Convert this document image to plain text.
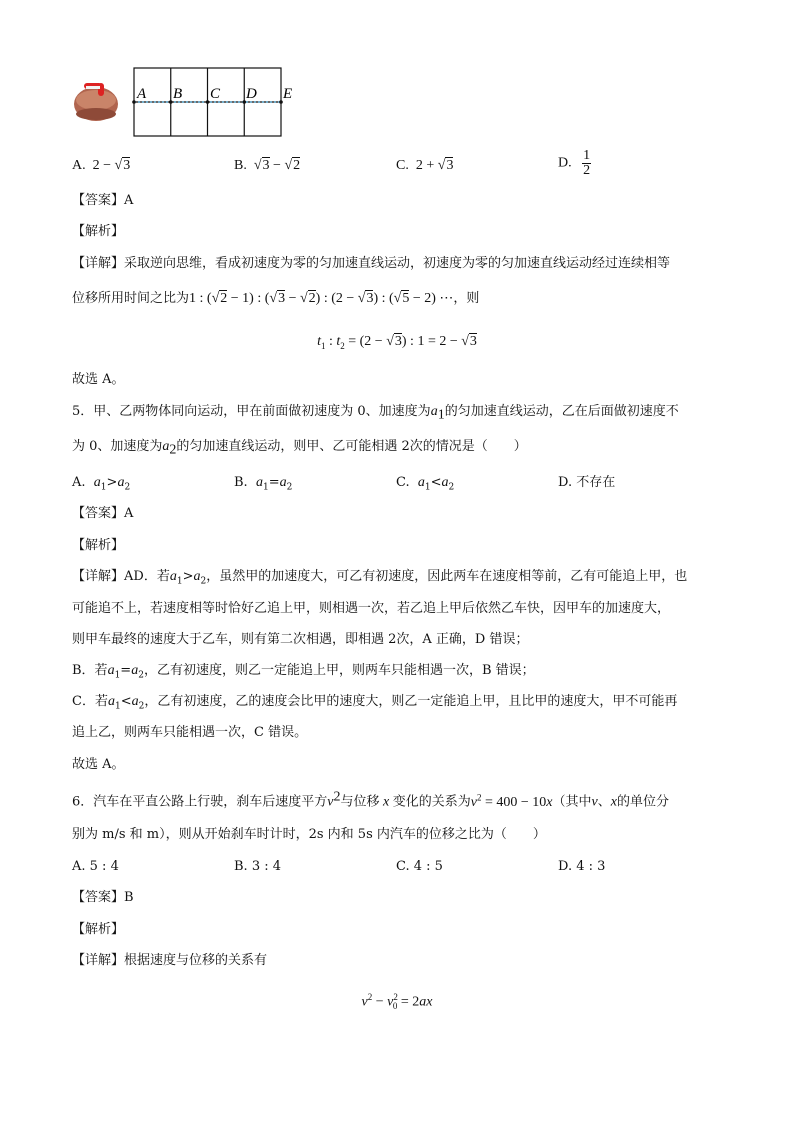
A B C D E
A. 2 − √3	B. √3 − √2	C. 2 + √3	D. $\frac{1}{2}$
【答案】A
【解析】
【详解】采取逆向思维，看成初速度为零的匀加速直线运动，初速度为零的匀加速直线运动经过连续相等
位移所用时间之比为1 : (√2 − 1) : (√3 − √2) : (2 − √3) : (√5 − 2) ⋯，则
$t_1$ : $t_2 = (2 - √3)$ : 1 = 2 − √3
故选 A。
5．甲、乙两物体同向运动，甲在前面做初速度为 0、加速度为$a_1$的匀加速直线运动，乙在后面做初速度不
为 0、加速度为$a_2$的匀加速直线运动，则甲、乙可能相遇 2次的情况是（　　）
A. $a_1>a_2$	B. $a_1=a_2$	C. $a_1<a_2$	D. 不存在
【答案】A
【解析】
【详解】AD．若$a_1>a_2$，虽然甲的加速度大，可乙有初速度，因此两车在速度相等前，乙有可能追上甲，也
可能追不上，若速度相等时恰好乙追上甲，则相遇一次，若乙追上甲后依然乙车快，因甲车的加速度大，
则甲车最终的速度大于乙车，则有第二次相遇，即相遇 2次，A 正确，D 错误；
B．若$a_1=a_2$，乙有初速度，则乙一定能追上甲，则两车只能相遇一次，B 错误；
C．若$a_1<a_2$，乙有初速度，乙的速度会比甲的速度大，则乙一定能追上甲，且比甲的速度大，甲不可能再
追上乙，则两车只能相遇一次，C 错误。
故选 A。
6．汽车在平直公路上行驶，刹车后速度平方$v^2$与位移 x 变化的关系为$v^2 = 400 - 10x$（其中v、x的单位分
别为 m/s 和 m），则从开始刹车时计时，2s 内和 5s 内汽车的位移之比为（　　）
A. 5 : 4	B. 3 : 4	C. 4 : 5	D. 4 : 3
【答案】B
【解析】
【详解】根据速度与位移的关系有
$v^2 - v^2_0 = 2ax$
